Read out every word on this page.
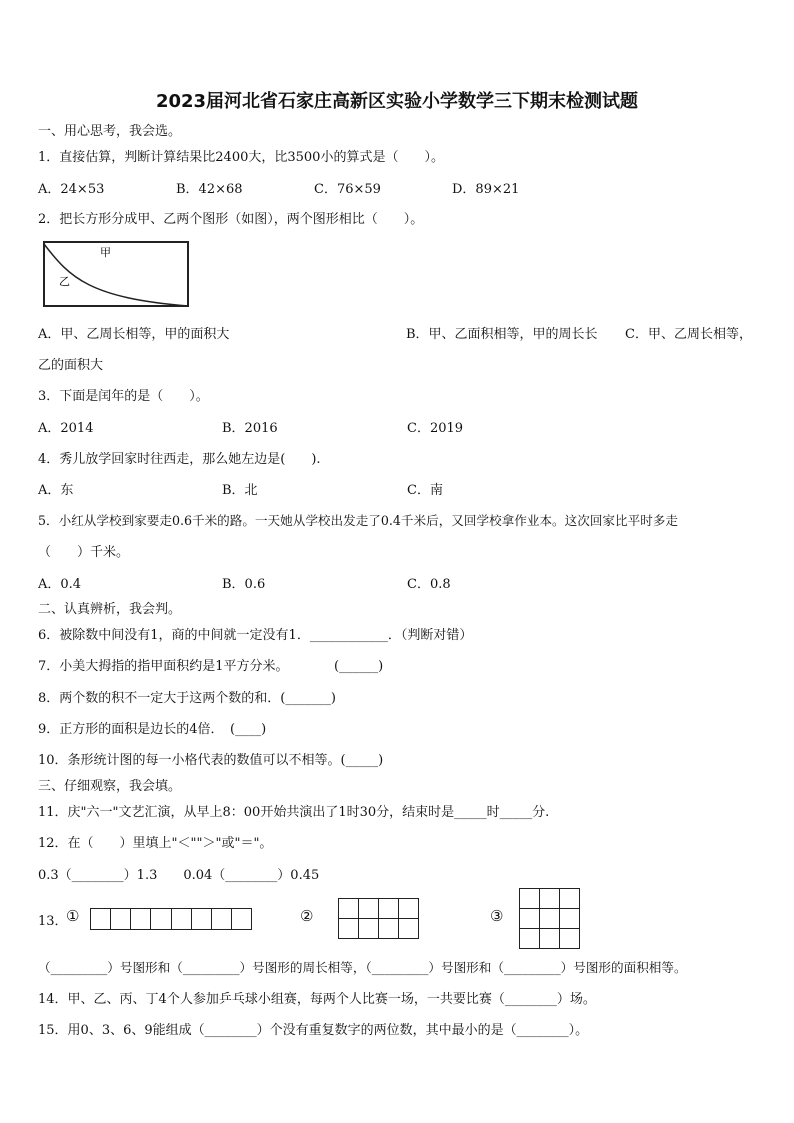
2023届河北省石家庄高新区实验小学数学三下期末检测试题
一、用心思考，我会选。
1．直接估算，判断计算结果比2400大，比3500小的算式是（　　）。
A．24×53	B．42×68	C．76×59	D．89×21
2．把长方形分成甲、乙两个图形（如图），两个图形相比（　　）。
甲
乙
A．甲、乙周长相等，甲的面积大	B．甲、乙面积相等，甲的周长长 C．甲、乙周长相等，
乙的面积大
3．下面是闰年的是（　　）。
A．2014	B．2016	C．2019
4．秀儿放学回家时往西走，那么她左边是(　　).
A．东	B．北	C．南
5．小红从学校到家要走0.6千米的路。一天她从学校出发走了0.4千米后，又回学校拿作业本。这次回家比平时多走
（　　）千米。
A．0.4	B．0.6	C．0.8
二、认真辨析，我会判。
6．被除数中间没有1，商的中间就一定没有1．____________．（判断对错）
7．小美大拇指的指甲面积约是1平方分米。　　　　(______)
8．两个数的积不一定大于这两个数的和．(_______)
9．正方形的面积是边长的4倍．　(____)
10．条形统计图的每一小格代表的数值可以不相等。(_____)
三、仔细观察，我会填。
11．庆"六一"文艺汇演，从早上8：00开始共演出了1时30分，结束时是_____时_____分.
12．在（　　）里填上"＜""＞"或"＝"。
0.3（________）1.3　　0.04（________）0.45
13．
①	②

				③

（_________）号图形和（_________）号图形的周长相等，（_________）号图形和（_________）号图形的面积相等。
14．甲、乙、丙、丁4个人参加乒乓球小组赛，每两个人比赛一场，一共要比赛（________）场。
15．用0、3、6、9能组成（________）个没有重复数字的两位数，其中最小的是（________）。
